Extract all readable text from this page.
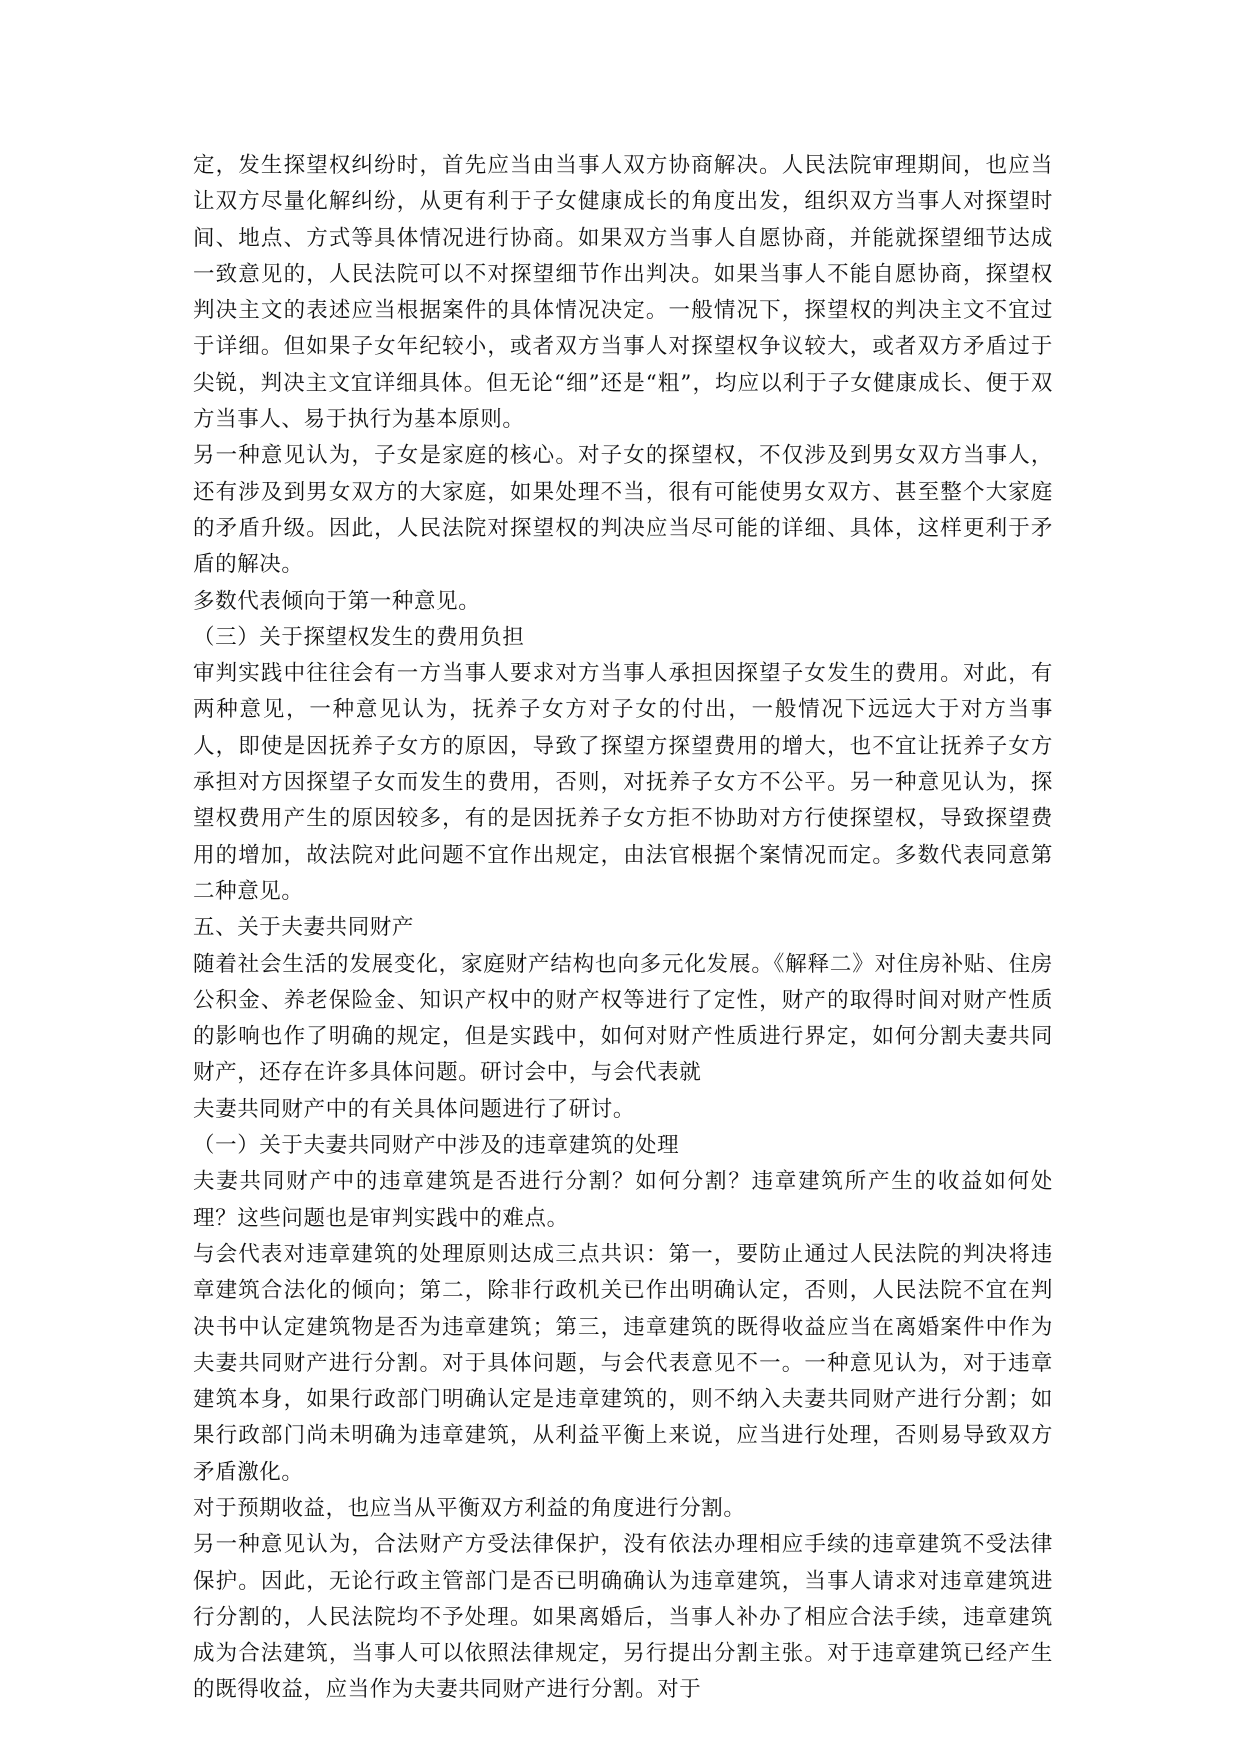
定，发生探望权纠纷时，首先应当由当事人双方协商解决。人民法院审理期间，也应当让双方尽量化解纠纷，从更有利于子女健康成长的角度出发，组织双方当事人对探望时间、地点、方式等具体情况进行协商。如果双方当事人自愿协商，并能就探望细节达成一致意见的，人民法院可以不对探望细节作出判决。如果当事人不能自愿协商，探望权判决主文的表述应当根据案件的具体情况决定。一般情况下，探望权的判决主文不宜过于详细。但如果子女年纪较小，或者双方当事人对探望权争议较大，或者双方矛盾过于尖锐，判决主文宜详细具体。但无论“细”还是“粗”，均应以利于子女健康成长、便于双方当事人、易于执行为基本原则。

另一种意见认为，子女是家庭的核心。对子女的探望权，不仅涉及到男女双方当事人，还有涉及到男女双方的大家庭，如果处理不当，很有可能使男女双方、甚至整个大家庭的矛盾升级。因此，人民法院对探望权的判决应当尽可能的详细、具体，这样更利于矛盾的解决。

多数代表倾向于第一种意见。

（三）关于探望权发生的费用负担

审判实践中往往会有一方当事人要求对方当事人承担因探望子女发生的费用。对此，有两种意见，一种意见认为，抚养子女方对子女的付出，一般情况下远远大于对方当事人，即使是因抚养子女方的原因，导致了探望方探望费用的增大，也不宜让抚养子女方承担对方因探望子女而发生的费用，否则，对抚养子女方不公平。另一种意见认为，探望权费用产生的原因较多，有的是因抚养子女方拒不协助对方行使探望权，导致探望费用的增加，故法院对此问题不宜作出规定，由法官根据个案情况而定。多数代表同意第二种意见。

五、关于夫妻共同财产

随着社会生活的发展变化，家庭财产结构也向多元化发展。《解释二》对住房补贴、住房公积金、养老保险金、知识产权中的财产权等进行了定性，财产的取得时间对财产性质的影响也作了明确的规定，但是实践中，如何对财产性质进行界定，如何分割夫妻共同财产，还存在许多具体问题。研讨会中，与会代表就

夫妻共同财产中的有关具体问题进行了研讨。

（一）关于夫妻共同财产中涉及的违章建筑的处理

夫妻共同财产中的违章建筑是否进行分割？如何分割？违章建筑所产生的收益如何处理？这些问题也是审判实践中的难点。

与会代表对违章建筑的处理原则达成三点共识：第一，要防止通过人民法院的判决将违章建筑合法化的倾向；第二，除非行政机关已作出明确认定，否则，人民法院不宜在判决书中认定建筑物是否为违章建筑；第三，违章建筑的既得收益应当在离婚案件中作为夫妻共同财产进行分割。对于具体问题，与会代表意见不一。一种意见认为，对于违章建筑本身，如果行政部门明确认定是违章建筑的，则不纳入夫妻共同财产进行分割；如果行政部门尚未明确为违章建筑，从利益平衡上来说，应当进行处理，否则易导致双方矛盾激化。

对于预期收益，也应当从平衡双方利益的角度进行分割。

另一种意见认为，合法财产方受法律保护，没有依法办理相应手续的违章建筑不受法律保护。因此，无论行政主管部门是否已明确确认为违章建筑，当事人请求对违章建筑进行分割的，人民法院均不予处理。如果离婚后，当事人补办了相应合法手续，违章建筑成为合法建筑，当事人可以依照法律规定，另行提出分割主张。对于违章建筑已经产生的既得收益，应当作为夫妻共同财产进行分割。对于
